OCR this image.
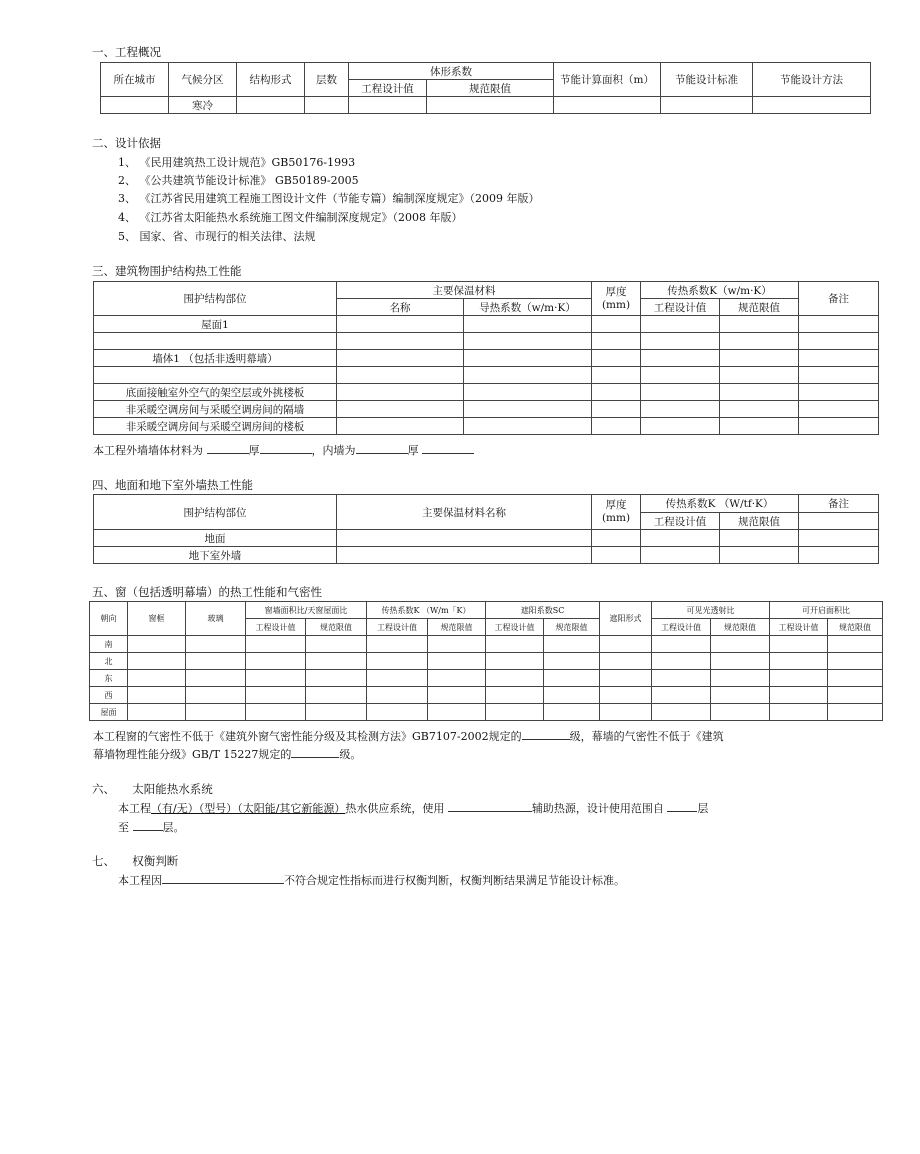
一、工程概况
所在城市	气候分区	结构形式	层数	体形系数		节能计算面积（m）	节能设计标准	节能设计方法
				工程设计值	规范限值			
	寒冷							
二、设计依据
1、 《民用建筑热工设计规范》GB50176-1993
2、 《公共建筑节能设计标准》 GB50189-2005
3、 《江苏省民用建筑工程施工图设计文件（节能专篇）编制深度规定》（2009 年版）
4、 《江苏省太阳能热水系统施工图文件编制深度规定》（2008 年版）
5、 国家、省、市现行的相关法律、法规
三、建筑物围护结构热工性能
围护结构部位	主要保温材料		厚度(mm)	传热系数K（w/m·K）		备注
	名称	导热系数（w/m·K）		工程设计值	规范限值	
屋面1						

墙体1 （包括非透明幕墙）						

底面接触室外空气的架空层或外挑楼板						
非采暖空调房间与采暖空调房间的隔墙						
非采暖空调房间与采暖空调房间的楼板						
本工程外墙墙体材料为	厚	，内墙为	厚
四、地面和地下室外墙热工性能
围护结构部位	主要保温材料名称	厚度(mm)	传热系数K （W/tf·K）		备注
			工程设计值	规范限值	
地面					
地下室外墙					
五、窗（包括透明幕墙）的热工性能和气密性
朝向	窗框	玻璃	窗墙面积比/天窗屋面比		传热系数K （W/m「K）		遮阳系数SC		遮阳形式	可见光透射比		可开启面积比	
			工程设计值	规范限值	工程设计值	规范限值	工程设计值	规范限值		工程设计值	规范限值	工程设计值	规范限值
南													
北													
东													
西													
屋面													
本工程窗的气密性不低于《建筑外窗气密性能分级及其检测方法》GB7107-2002规定的	级，幕墙的气密性不低于《建筑
幕墙物理性能分级》GB/T 15227规定的	级。
六、　　太阳能热水系统
本工程（有/无）（型号）（太阳能/其它新能源）热水供应系统，使用	辅助热源，设计使用范围自	层
至	层。
七、　　权衡判断
本工程因	不符合规定性指标而进行权衡判断，权衡判断结果满足节能设计标准。
